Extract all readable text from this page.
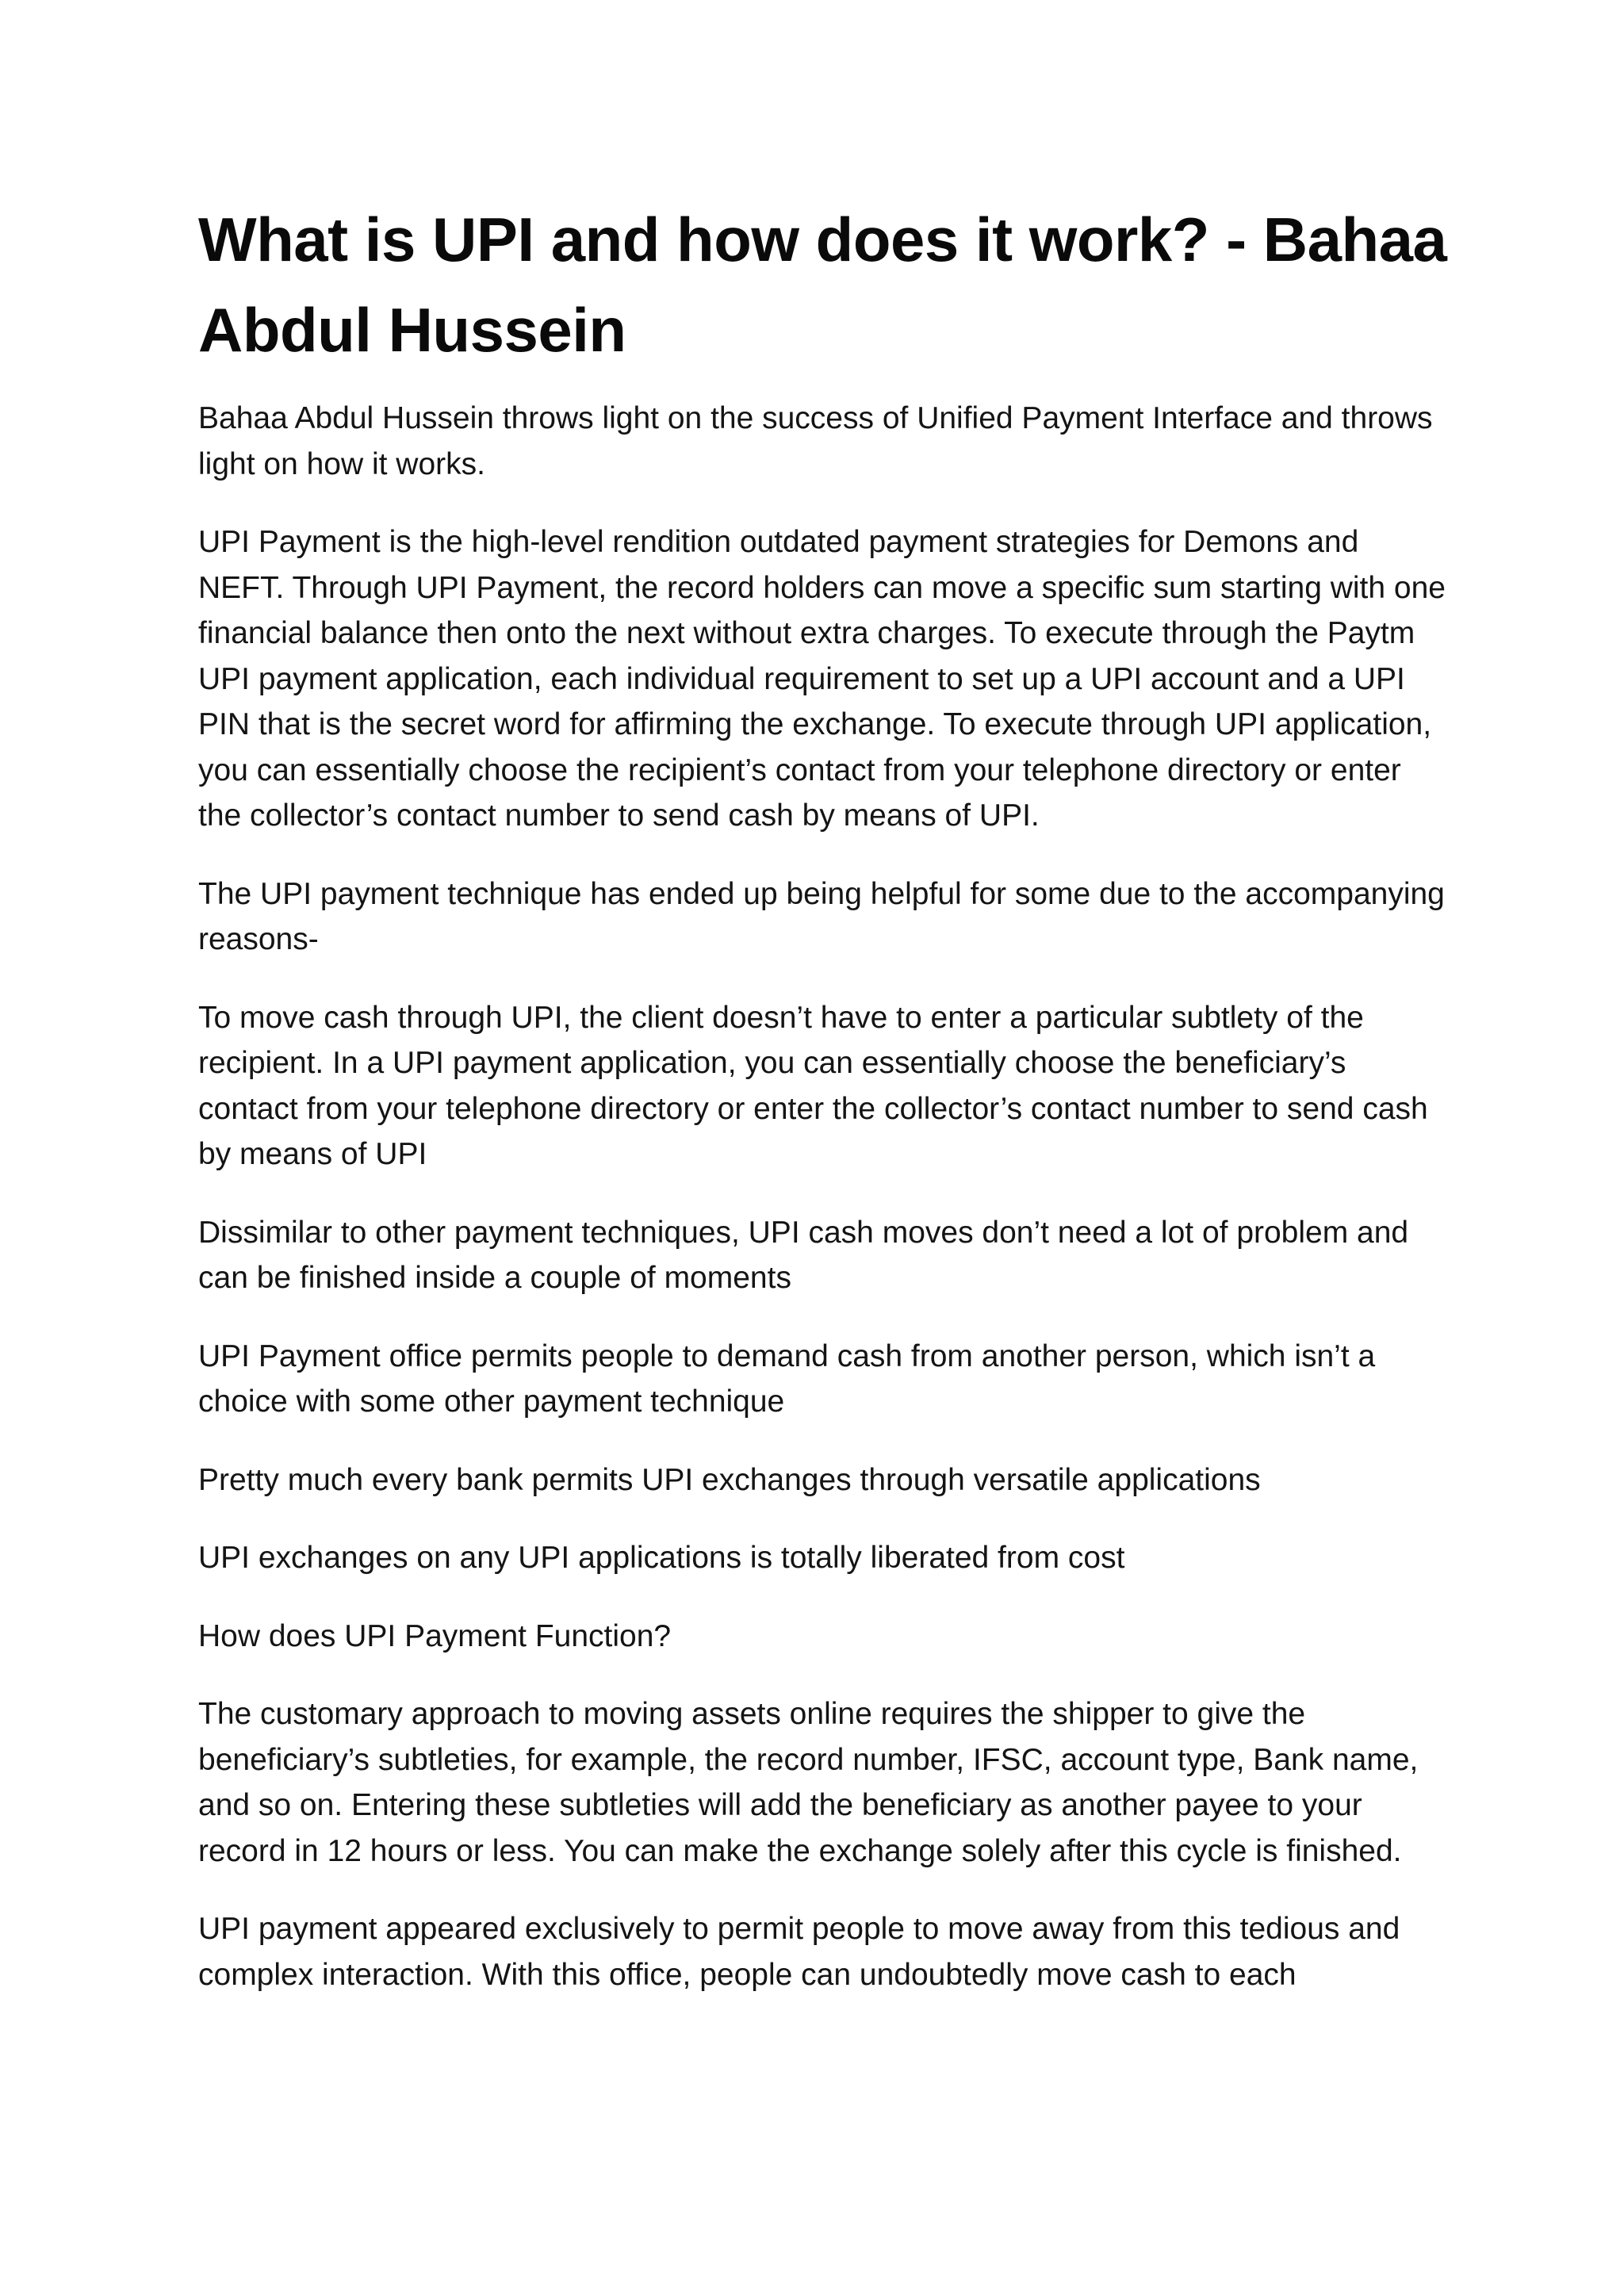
What is UPI and how does it work? - Bahaa Abdul Hussein

Bahaa Abdul Hussein throws light on the success of Unified Payment Interface and throws light on how it works.

UPI Payment is the high-level rendition outdated payment strategies for Demons and NEFT. Through UPI Payment, the record holders can move a specific sum starting with one financial balance then onto the next without extra charges. To execute through the Paytm UPI payment application, each individual requirement to set up a UPI account and a UPI PIN that is the secret word for affirming the exchange. To execute through UPI application, you can essentially choose the recipient’s contact from your telephone directory or enter the collector’s contact number to send cash by means of UPI.

The UPI payment technique has ended up being helpful for some due to the accompanying reasons-

To move cash through UPI, the client doesn’t have to enter a particular subtlety of the recipient. In a UPI payment application, you can essentially choose the beneficiary’s contact from your telephone directory or enter the collector’s contact number to send cash by means of UPI

Dissimilar to other payment techniques, UPI cash moves don’t need a lot of problem and can be finished inside a couple of moments

UPI Payment office permits people to demand cash from another person, which isn’t a choice with some other payment technique

Pretty much every bank permits UPI exchanges through versatile applications

UPI exchanges on any UPI applications is totally liberated from cost

How does UPI Payment Function?

The customary approach to moving assets online requires the shipper to give the beneficiary’s subtleties, for example, the record number, IFSC, account type, Bank name, and so on. Entering these subtleties will add the beneficiary as another payee to your record in 12 hours or less. You can make the exchange solely after this cycle is finished.

UPI payment appeared exclusively to permit people to move away from this tedious and complex interaction. With this office, people can undoubtedly move cash to each
